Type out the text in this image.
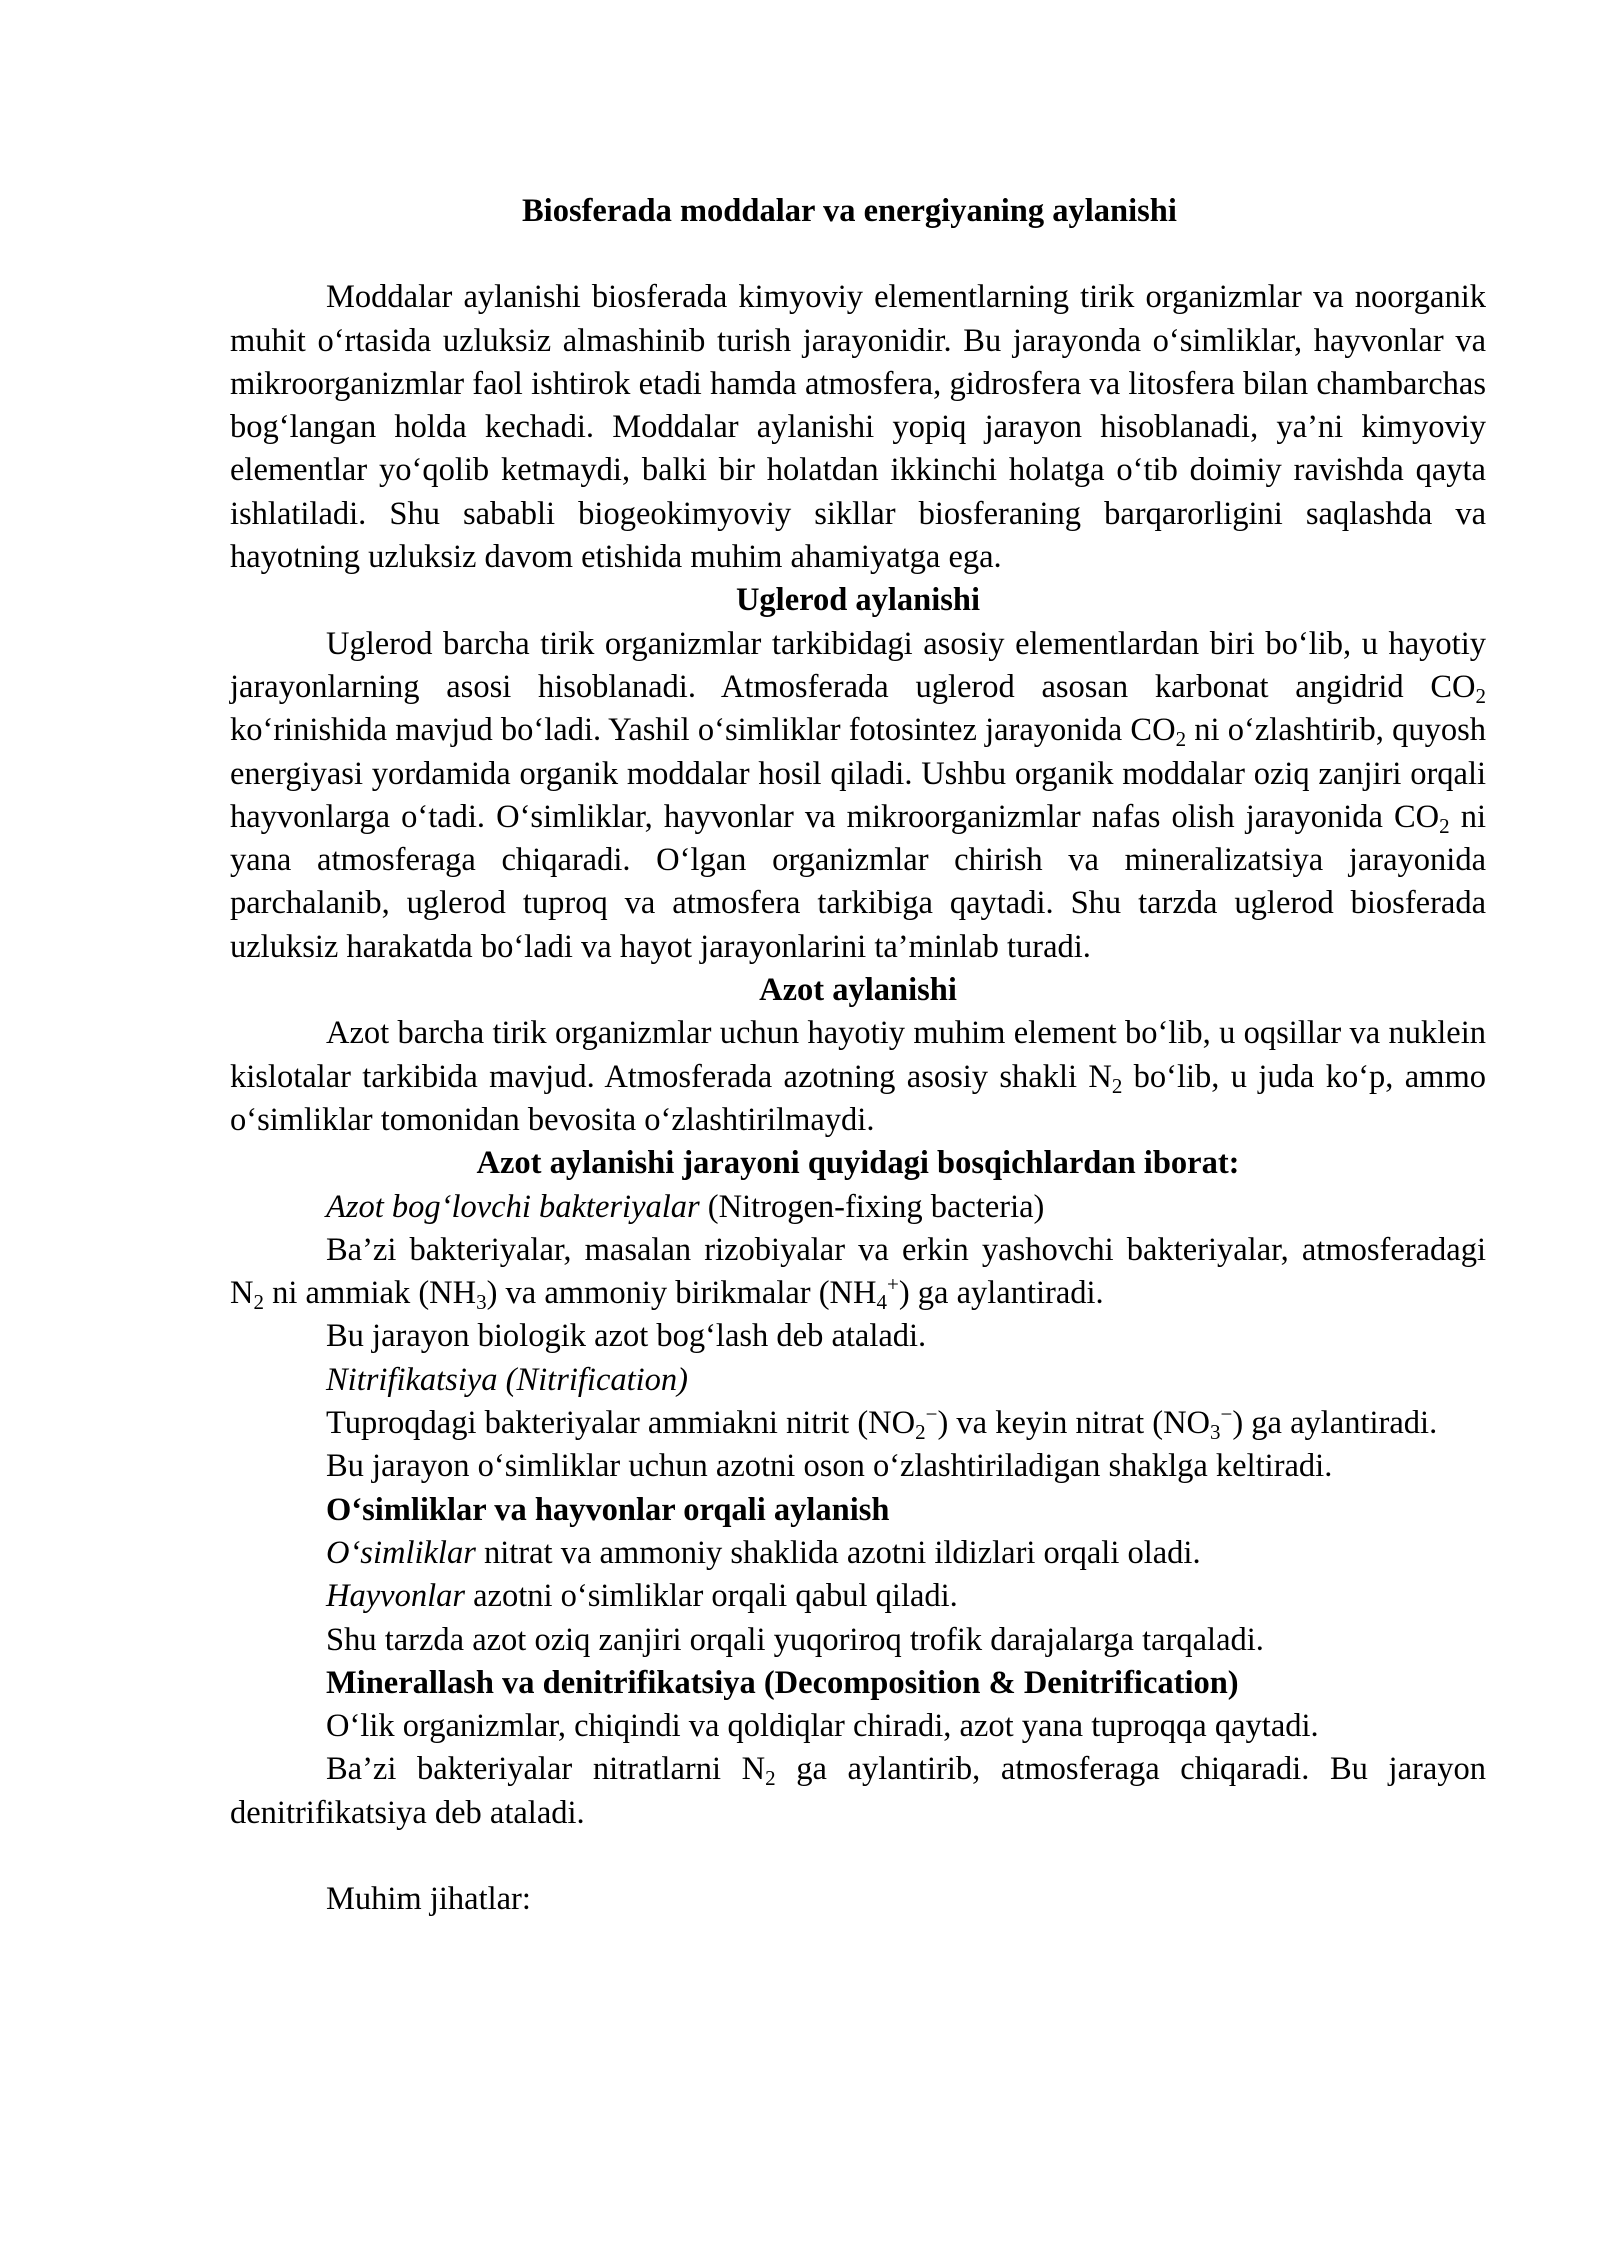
Biosferada moddalar va energiyaning aylanishi

Moddalar aylanishi biosferada kimyoviy elementlarning tirik organizmlar va noorganik muhit o‘rtasida uzluksiz almashinib turish jarayonidir. Bu jarayonda o‘simliklar, hayvonlar va mikroorganizmlar faol ishtirok etadi hamda atmosfera, gidrosfera va litosfera bilan chambarchas bog‘langan holda kechadi. Moddalar aylanishi yopiq jarayon hisoblanadi, ya’ni kimyoviy elementlar yo‘qolib ketmaydi, balki bir holatdan ikkinchi holatga o‘tib doimiy ravishda qayta ishlatiladi. Shu sababli biogeokimyoviy sikllar biosferaning barqarorligini saqlashda va hayotning uzluksiz davom etishida muhim ahamiyatga ega.

Uglerod aylanishi

Uglerod barcha tirik organizmlar tarkibidagi asosiy elementlardan biri bo‘lib, u hayotiy jarayonlarning asosi hisoblanadi. Atmosferada uglerod asosan karbonat angidrid $CO_2$ ko‘rinishida mavjud bo‘ladi. Yashil o‘simliklar fotosintez jarayonida $CO_2$ ni o‘zlashtirib, quyosh energiyasi yordamida organik moddalar hosil qiladi. Ushbu organik moddalar oziq zanjiri orqali hayvonlarga o‘tadi. O‘simliklar, hayvonlar va mikroorganizmlar nafas olish jarayonida $CO_2$ ni yana atmosferaga chiqaradi. O‘lgan organizmlar chirish va mineralizatsiya jarayonida parchalanib, uglerod tuproq va atmosfera tarkibiga qaytadi. Shu tarzda uglerod biosferada uzluksiz harakatda bo‘ladi va hayot jarayonlarini ta’minlab turadi.

Azot aylanishi

Azot barcha tirik organizmlar uchun hayotiy muhim element bo‘lib, u oqsillar va nuklein kislotalar tarkibida mavjud. Atmosferada azotning asosiy shakli $N_2$ bo‘lib, u juda ko‘p, ammo o‘simliklar tomonidan bevosita o‘zlashtirilmaydi.

Azot aylanishi jarayoni quyidagi bosqichlardan iborat:

Azot bog‘lovchi bakteriyalar (Nitrogen-fixing bacteria)

Ba’zi bakteriyalar, masalan rizobiyalar va erkin yashovchi bakteriyalar, atmosferadagi $N_2$ ni ammiak $(NH_3)$ va ammoniy birikmalar $(NH_4^+)$ ga aylantiradi.

Bu jarayon biologik azot bog‘lash deb ataladi.

Nitrifikatsiya (Nitrification)

Tuproqdagi bakteriyalar ammiakni nitrit $(NO_2^-)$ va keyin nitrat $(NO_3^-)$ ga aylantiradi.

Bu jarayon o‘simliklar uchun azotni oson o‘zlashtiriladigan shaklga keltiradi.

O‘simliklar va hayvonlar orqali aylanish

O‘simliklar nitrat va ammoniy shaklida azotni ildizlari orqali oladi.

Hayvonlar azotni o‘simliklar orqali qabul qiladi.

Shu tarzda azot oziq zanjiri orqali yuqoriroq trofik darajalarga tarqaladi.

Minerallash va denitrifikatsiya (Decomposition & Denitrification)

O‘lik organizmlar, chiqindi va qoldiqlar chiradi, azot yana tuproqqa qaytadi.

Ba’zi bakteriyalar nitratlarni $N_2$ ga aylantirib, atmosferaga chiqaradi. Bu jarayon denitrifikatsiya deb ataladi.

Muhim jihatlar:
